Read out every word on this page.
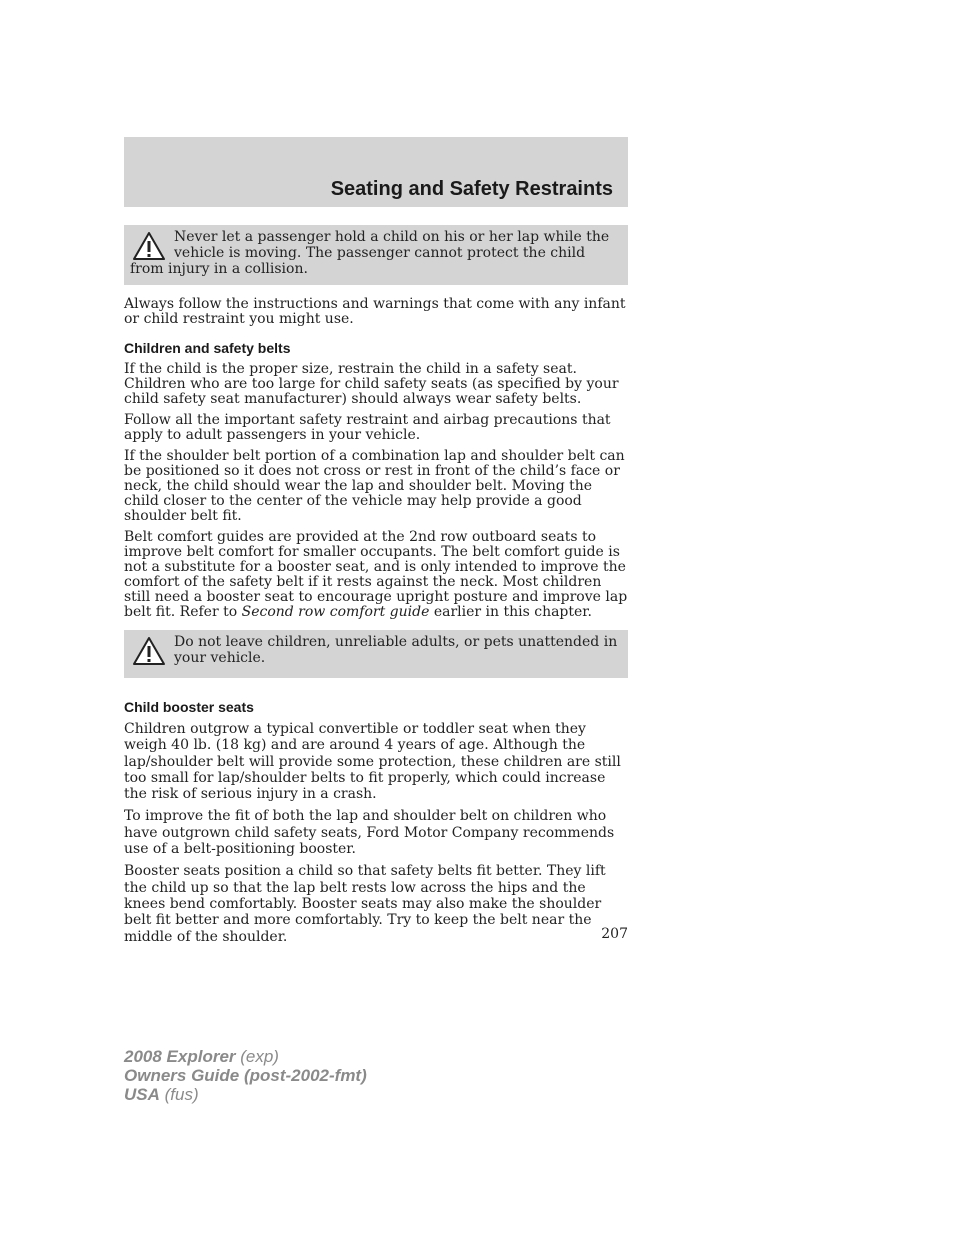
Seating and Safety Restraints
Never let a passenger hold a child on his or her lap while the vehicle is moving. The passenger cannot protect the child from injury in a collision.

Always follow the instructions and warnings that come with any infant or child restraint you might use.

Children and safety belts

If the child is the proper size, restrain the child in a safety seat. Children who are too large for child safety seats (as specified by your child safety seat manufacturer) should always wear safety belts.

Follow all the important safety restraint and airbag precautions that apply to adult passengers in your vehicle.

If the shoulder belt portion of a combination lap and shoulder belt can be positioned so it does not cross or rest in front of the child’s face or neck, the child should wear the lap and shoulder belt. Moving the child closer to the center of the vehicle may help provide a good shoulder belt fit.

Belt comfort guides are provided at the 2nd row outboard seats to improve belt comfort for smaller occupants. The belt comfort guide is not a substitute for a booster seat, and is only intended to improve the comfort of the safety belt if it rests against the neck. Most children still need a booster seat to encourage upright posture and improve lap belt fit. Refer to Second row comfort guide earlier in this chapter.

Do not leave children, unreliable adults, or pets unattended in your vehicle.
Child booster seats

Children outgrow a typical convertible or toddler seat when they weigh 40 lb. (18 kg) and are around 4 years of age. Although the lap/shoulder belt will provide some protection, these children are still too small for lap/shoulder belts to fit properly, which could increase the risk of serious injury in a crash.

To improve the fit of both the lap and shoulder belt on children who have outgrown child safety seats, Ford Motor Company recommends use of a belt-positioning booster.

Booster seats position a child so that safety belts fit better. They lift the child up so that the lap belt rests low across the hips and the knees bend comfortably. Booster seats may also make the shoulder belt fit better and more comfortably. Try to keep the belt near the middle of the shoulder.	207
2008 Explorer (exp)
Owners Guide (post-2002-fmt)
USA (fus)
